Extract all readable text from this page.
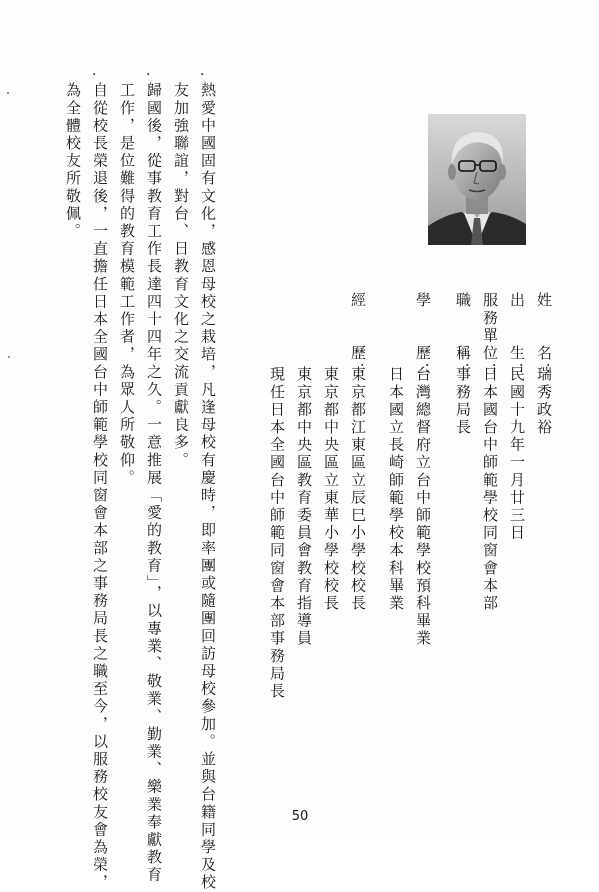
姓　　名：
瑞秀政裕
出　　生：
民國十九年一月廿三日
服務單位：
日本國台中師範學校同窗會本部
職　　稱：
事務局長
學　　歷：
台灣總督府立台中師範學校預科畢業
日本國立長崎師範學校本科畢業
經　　歷：
東京都江東區立辰巳小學校校長
東京都中央區立東華小學校校長
東京都中央區教育委員會教育指導員
現任日本全國台中師範同窗會本部事務局長
·
熱愛中國固有文化，感恩母校之栽培，凡逢母校有慶時，即率團或隨團回訪母校參加。並與台籍同學及校
友加強聯誼，對台、日教育文化之交流貢獻良多。
·
歸國後，從事教育工作長達四十四年之久。一意推展「愛的教育」，以專業、敬業、勤業、樂業奉獻教育
工作，是位難得的教育模範工作者，為眾人所敬仰。
·
自從校長榮退後，一直擔任日本全國台中師範學校同窗會本部之事務局長之職至今，以服務校友會為榮，
為全體校友所敬佩。
50
